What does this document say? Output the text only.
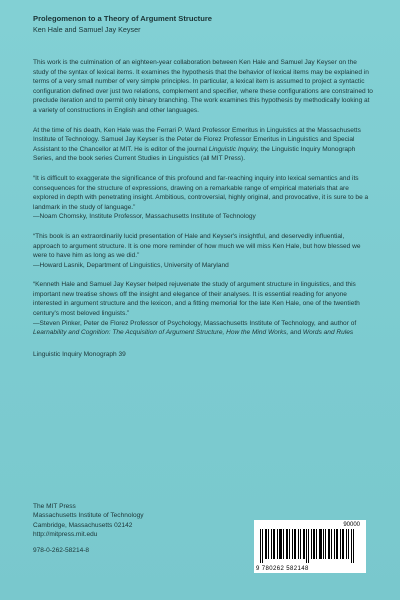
Prolegomenon to a Theory of Argument Structure

Ken Hale and Samuel Jay Keyser

This work is the culmination of an eighteen-year collaboration between Ken Hale and Samuel Jay Keyser on the study of the syntax of lexical items. It examines the hypothesis that the behavior of lexical items may be explained in terms of a very small number of very simple principles. In particular, a lexical item is assumed to project a syntactic configuration defined over just two relations, complement and specifier, where these configurations are constrained to preclude iteration and to permit only binary branching. The work examines this hypothesis by methodically looking at a variety of constructions in English and other languages.

At the time of his death, Ken Hale was the Ferrari P. Ward Professor Emeritus in Linguistics at the Massachusetts Institute of Technology. Samuel Jay Keyser is the Peter de Florez Professor Emeritus in Linguistics and Special Assistant to the Chancellor at MIT. He is editor of the journal Linguistic Inquiry, the Linguistic Inquiry Monograph Series, and the book series Current Studies in Linguistics (all MIT Press).

“It is difficult to exaggerate the significance of this profound and far-reaching inquiry into lexical semantics and its consequences for the structure of expressions, drawing on a remarkable range of empirical materials that are explored in depth with penetrating insight. Ambitious, controversial, highly original, and provocative, it is sure to be a landmark in the study of language.”
—Noam Chomsky, Institute Professor, Massachusetts Institute of Technology

“This book is an extraordinarily lucid presentation of Hale and Keyser's insightful, and deservedly influential, approach to argument structure. It is one more reminder of how much we will miss Ken Hale, but how blessed we were to have him as long as we did.”
—Howard Lasnik, Department of Linguistics, University of Maryland

“Kenneth Hale and Samuel Jay Keyser helped rejuvenate the study of argument structure in linguistics, and this important new treatise shows off the insight and elegance of their analyses. It is essential reading for anyone interested in argument structure and the lexicon, and a fitting memorial for the late Ken Hale, one of the twentieth century's most beloved linguists.”
—Steven Pinker, Peter de Florez Professor of Psychology, Massachusetts Institute of Technology, and author of Learnability and Cognition: The Acquisition of Argument Structure, How the Mind Works, and Words and Rules

Linguistic Inquiry Monograph 39

The MIT Press
Massachusetts Institute of Technology
Cambridge, Massachusetts 02142
http://mitpress.mit.edu
978-0-262-58214-8
90000
9 780262 582148
